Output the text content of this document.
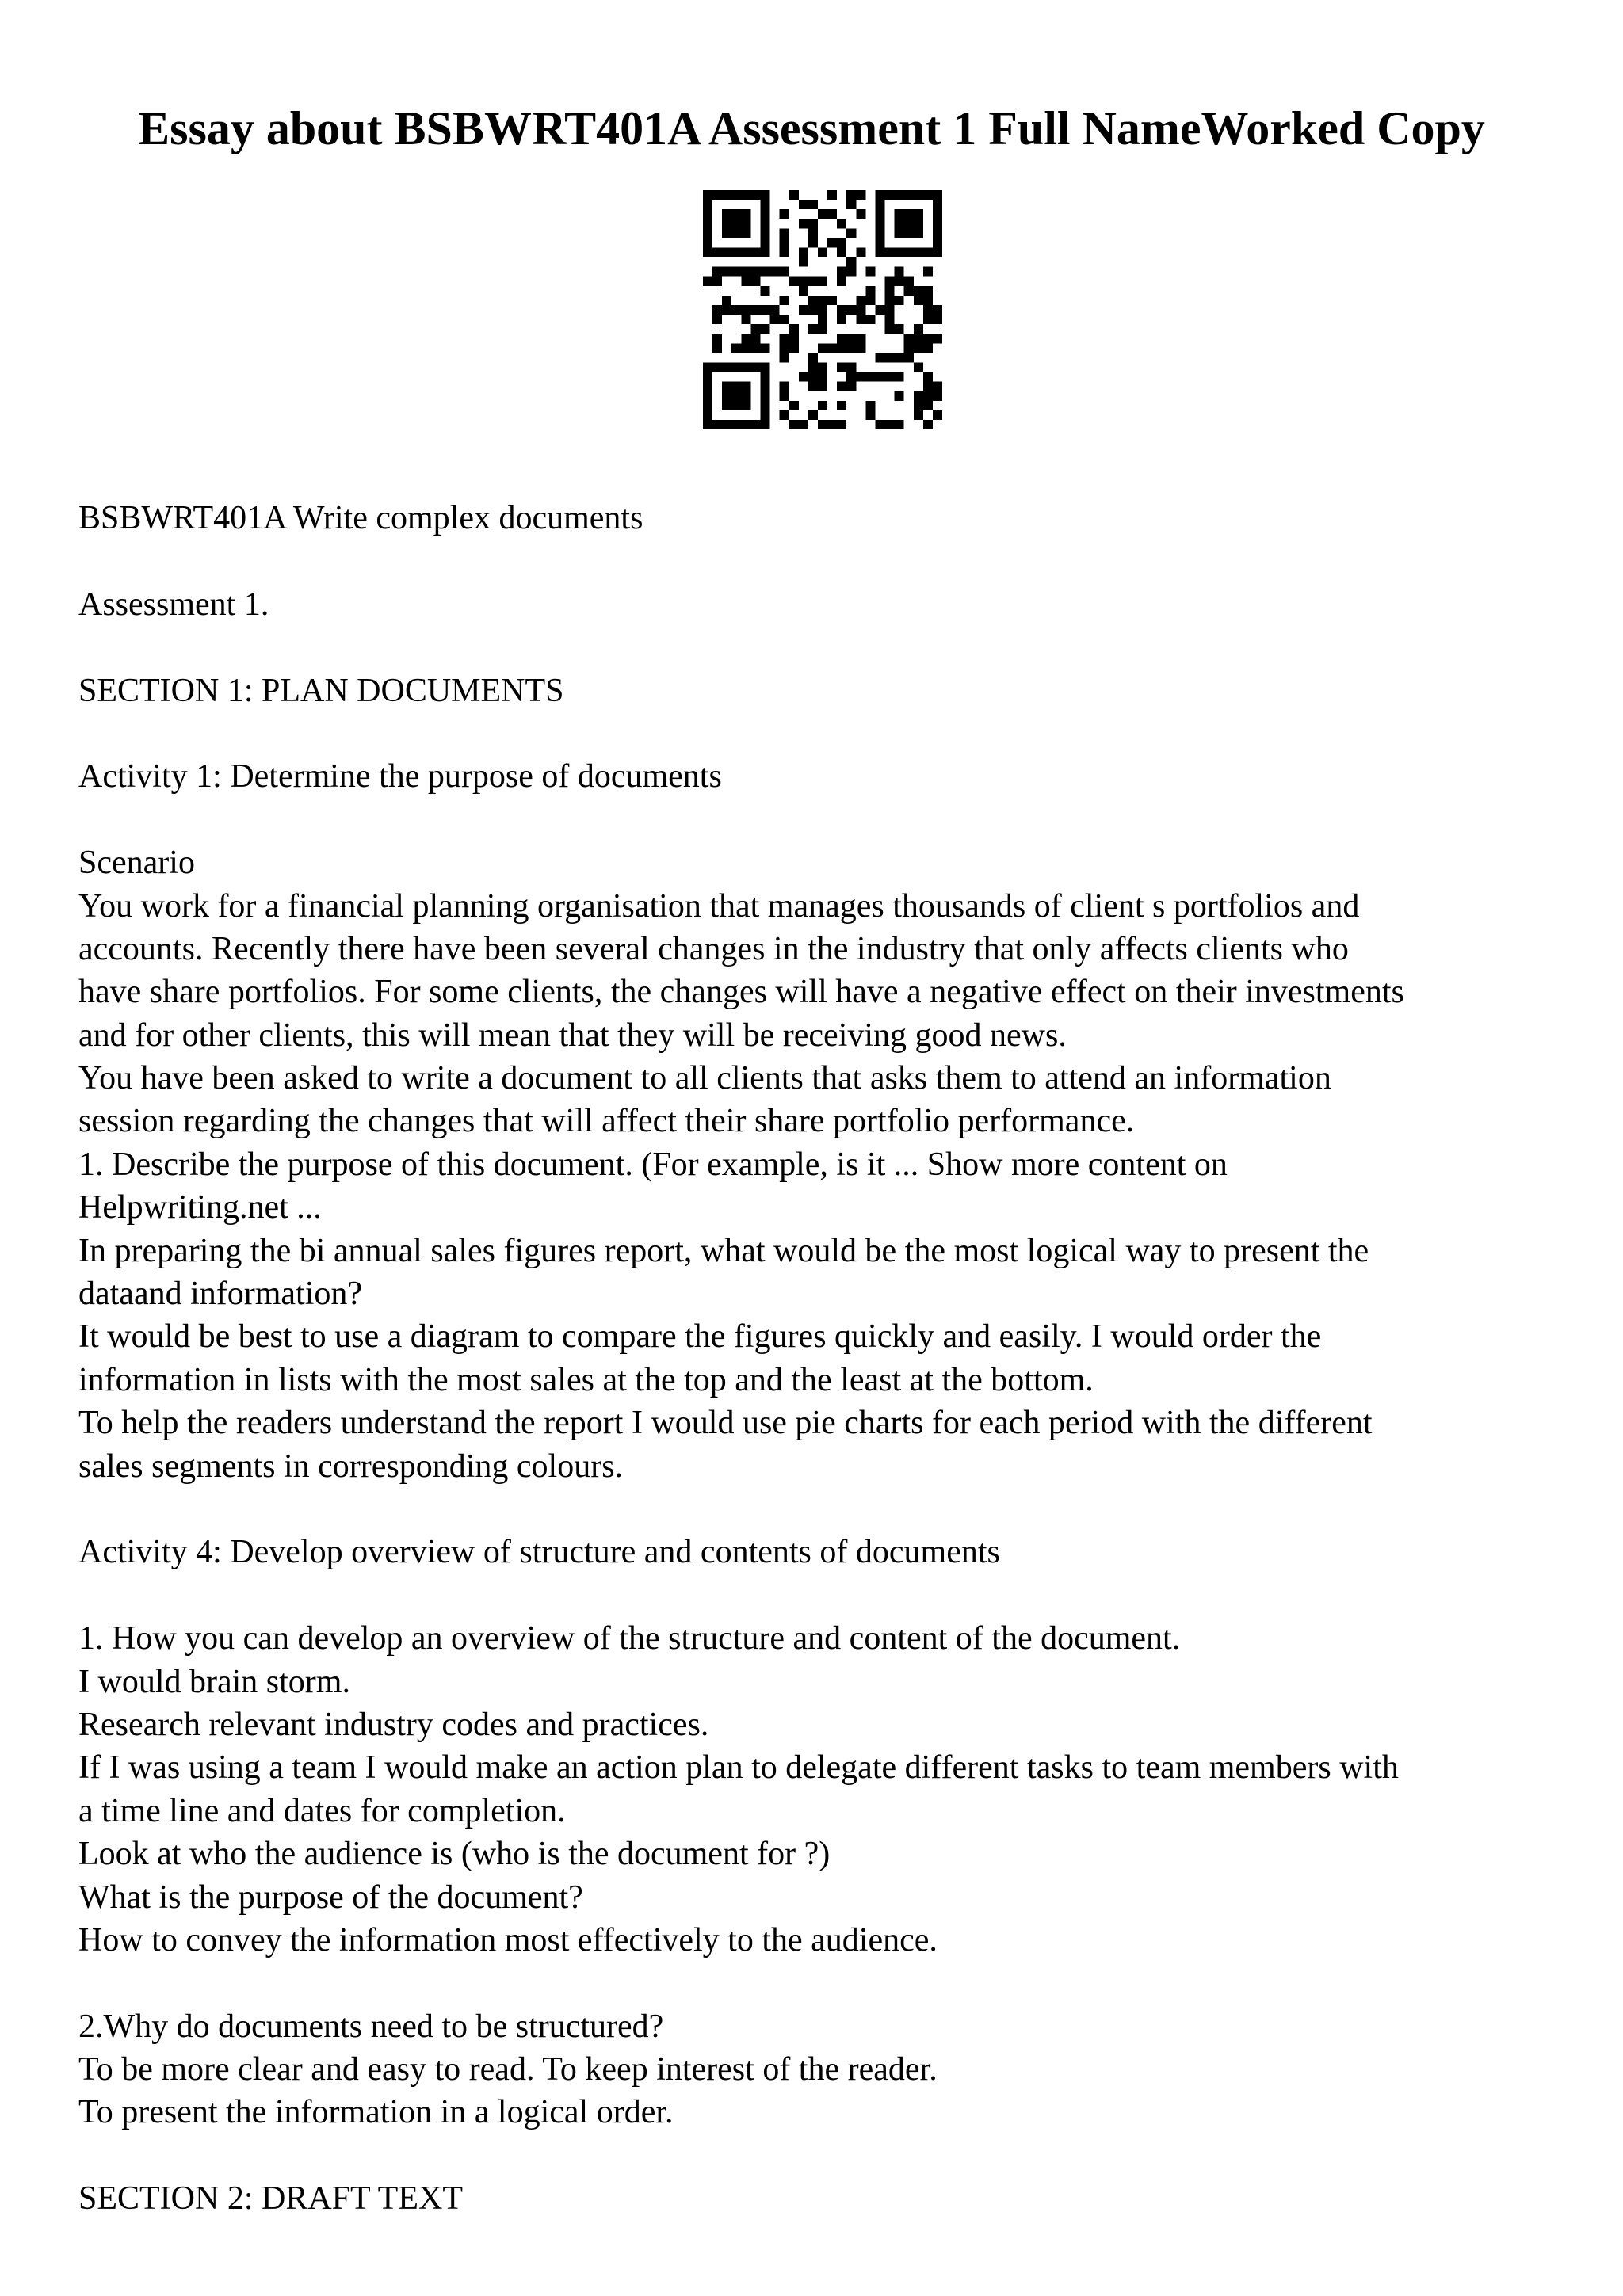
Essay about BSBWRT401A Assessment 1 Full NameWorked Copy
BSBWRT401A Write complex documents
Assessment 1.
SECTION 1: PLAN DOCUMENTS
Activity 1: Determine the purpose of documents
Scenario
You work for a financial planning organisation that manages thousands of client s portfolios and
accounts. Recently there have been several changes in the industry that only affects clients who
have share portfolios. For some clients, the changes will have a negative effect on their investments
and for other clients, this will mean that they will be receiving good news.
You have been asked to write a document to all clients that asks them to attend an information
session regarding the changes that will affect their share portfolio performance.
1. Describe the purpose of this document. (For example, is it ... Show more content on
Helpwriting.net ...
In preparing the bi annual sales figures report, what would be the most logical way to present the
dataand information?
It would be best to use a diagram to compare the figures quickly and easily. I would order the
information in lists with the most sales at the top and the least at the bottom.
To help the readers understand the report I would use pie charts for each period with the different
sales segments in corresponding colours.
Activity 4: Develop overview of structure and contents of documents
1. How you can develop an overview of the structure and content of the document.
I would brain storm.
Research relevant industry codes and practices.
If I was using a team I would make an action plan to delegate different tasks to team members with
a time line and dates for completion.
Look at who the audience is (who is the document for ?)
What is the purpose of the document?
How to convey the information most effectively to the audience.
2.Why do documents need to be structured?
To be more clear and easy to read. To keep interest of the reader.
To present the information in a logical order.
SECTION 2: DRAFT TEXT
